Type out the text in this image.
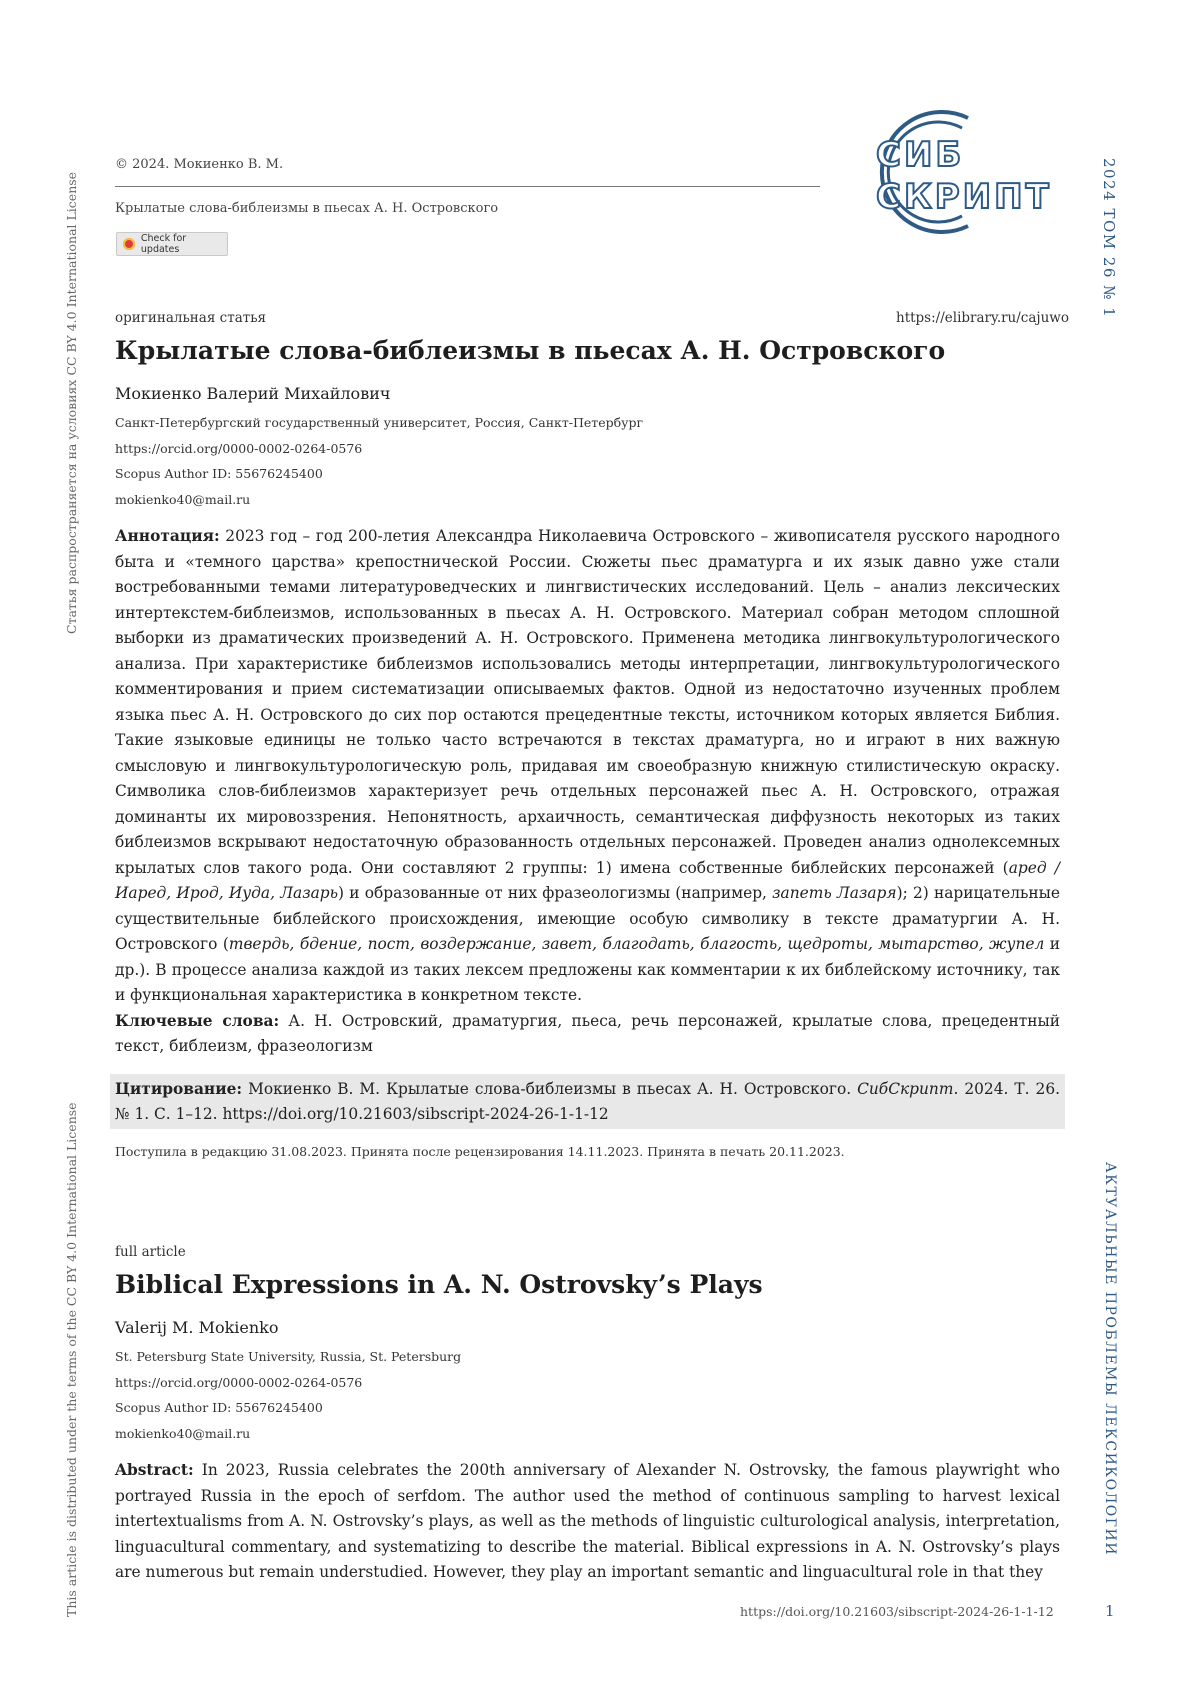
Статья распространяется на условиях CC BY 4.0 International License
This article is distributed under the terms of the CC BY 4.0 International License
2024 ТОМ 26 № 1
АКТУАЛЬНЫЕ ПРОБЛЕМЫ ЛЕКСИКОЛОГИИ
© 2024. Мокиенко В. М.
Крылатые слова-библеизмы в пьесах А. Н. Островского
Check for updates
СИБ
СКРИПТ
оригинальная статья	https://elibrary.ru/cajuwo
Крылатые слова-библеизмы в пьесах А. Н. Островского
Мокиенко Валерий Михайлович
Санкт-Петербургский государственный университет, Россия, Санкт-Петербург
https://orcid.org/0000-0002-0264-0576
Scopus Author ID: 55676245400
mokienko40@mail.ru
Аннотация: 2023 год – год 200-летия Александра Николаевича Островского – живописателя русского народного быта и «темного царства» крепостнической России. Сюжеты пьес драматурга и их язык давно уже стали востребованными темами литературоведческих и лингвистических исследований. Цель – анализ лексических интертекстем-библеизмов, использованных в пьесах А. Н. Островского. Материал собран методом сплошной выборки из драматических произведений А. Н. Островского. Применена методика лингвокультурологического анализа. При характеристике библеизмов использовались методы интерпретации, лингвокультурологического комментирования и прием систематизации описываемых фактов. Одной из недостаточно изученных проблем языка пьес А. Н. Островского до сих пор остаются прецедентные тексты, источником которых является Библия. Такие языковые единицы не только часто встречаются в текстах драматурга, но и играют в них важную смысловую и лингвокультурологическую роль, придавая им своеобразную книжную стилистическую окраску. Символика слов-библеизмов характеризует речь отдельных персонажей пьес А. Н. Островского, отражая доминанты их мировоззрения. Непонятность, архаичность, семантическая диффузность некоторых из таких библеизмов вскрывают недостаточную образованность отдельных персонажей. Проведен анализ однолексемных крылатых слов такого рода. Они составляют 2 группы: 1) имена собственные библейских персонажей (аред / Иаред, Ирод, Иуда, Лазарь) и образованные от них фразеологизмы (например, запеть Лазаря); 2) нарицательные существительные библейского происхождения, имеющие особую символику в тексте драматургии А. Н. Островского (твердь, бдение, пост, воздержание, завет, благодать, благость, щедроты, мытарство, жупел и др.). В процессе анализа каждой из таких лексем предложены как комментарии к их библейскому источнику, так и функциональная характеристика в конкретном тексте.
Ключевые слова: А. Н. Островский, драматургия, пьеса, речь персонажей, крылатые слова, прецедентный текст, библеизм, фразеологизм
Цитирование: Мокиенко В. М. Крылатые слова-библеизмы в пьесах А. Н. Островского. СибСкрипт. 2024. Т. 26. № 1. С. 1–12. https://doi.org/10.21603/sibscript-2024-26-1-1-12
Поступила в редакцию 31.08.2023. Принята после рецензирования 14.11.2023. Принята в печать 20.11.2023.
full article
Biblical Expressions in A. N. Ostrovsky’s Plays
Valerij M. Mokienko
St. Petersburg State University, Russia, St. Petersburg
https://orcid.org/0000-0002-0264-0576
Scopus Author ID: 55676245400
mokienko40@mail.ru
Abstract: In 2023, Russia celebrates the 200th anniversary of Alexander N. Ostrovsky, the famous playwright who portrayed Russia in the epoch of serfdom. The author used the method of continuous sampling to harvest lexical intertextualisms from A. N. Ostrovsky’s plays, as well as the methods of linguistic culturological analysis, interpretation, linguacultural commentary, and systematizing to describe the material. Biblical expressions in A. N. Ostrovsky’s plays are numerous but remain understudied. However, they play an important semantic and linguacultural role in that they
https://doi.org/10.21603/sibscript-2024-26-1-1-12	1
